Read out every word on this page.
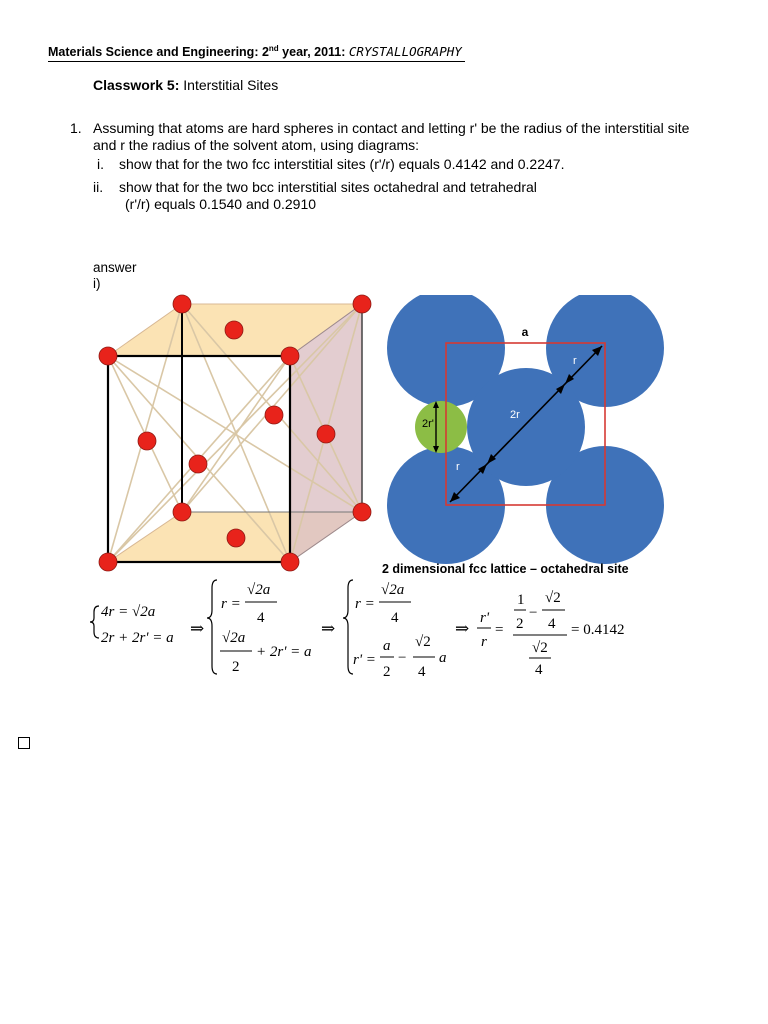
Materials Science and Engineering: 2nd year, 2011: CRYSTALLOGRAPHY
Classwork 5: Interstitial Sites
1. Assuming that atoms are hard spheres in contact and letting r' be the radius of the interstitial site and r the radius of the solvent atom, using diagrams:
i. show that for the two fcc interstitial sites (r'/r) equals 0.4142 and 0.2247.
ii. show that for the two bcc interstitial sites octahedral and tetrahedral
(r'/r) equals 0.1540 and 0.2910
answer
i)
a
r
2r
r
2r'
2 dimensional fcc lattice – octahedral site
4r = √2a
2r + 2r' = a ⇒
r =
√2a
4
√2a
2
+ 2r' = a
⇒
r =
√2a
4
r' =
a
2
−
√2
4
a
⇒
r'
r
=
1
2
−
√2
4
√2
4
= 0.4142
